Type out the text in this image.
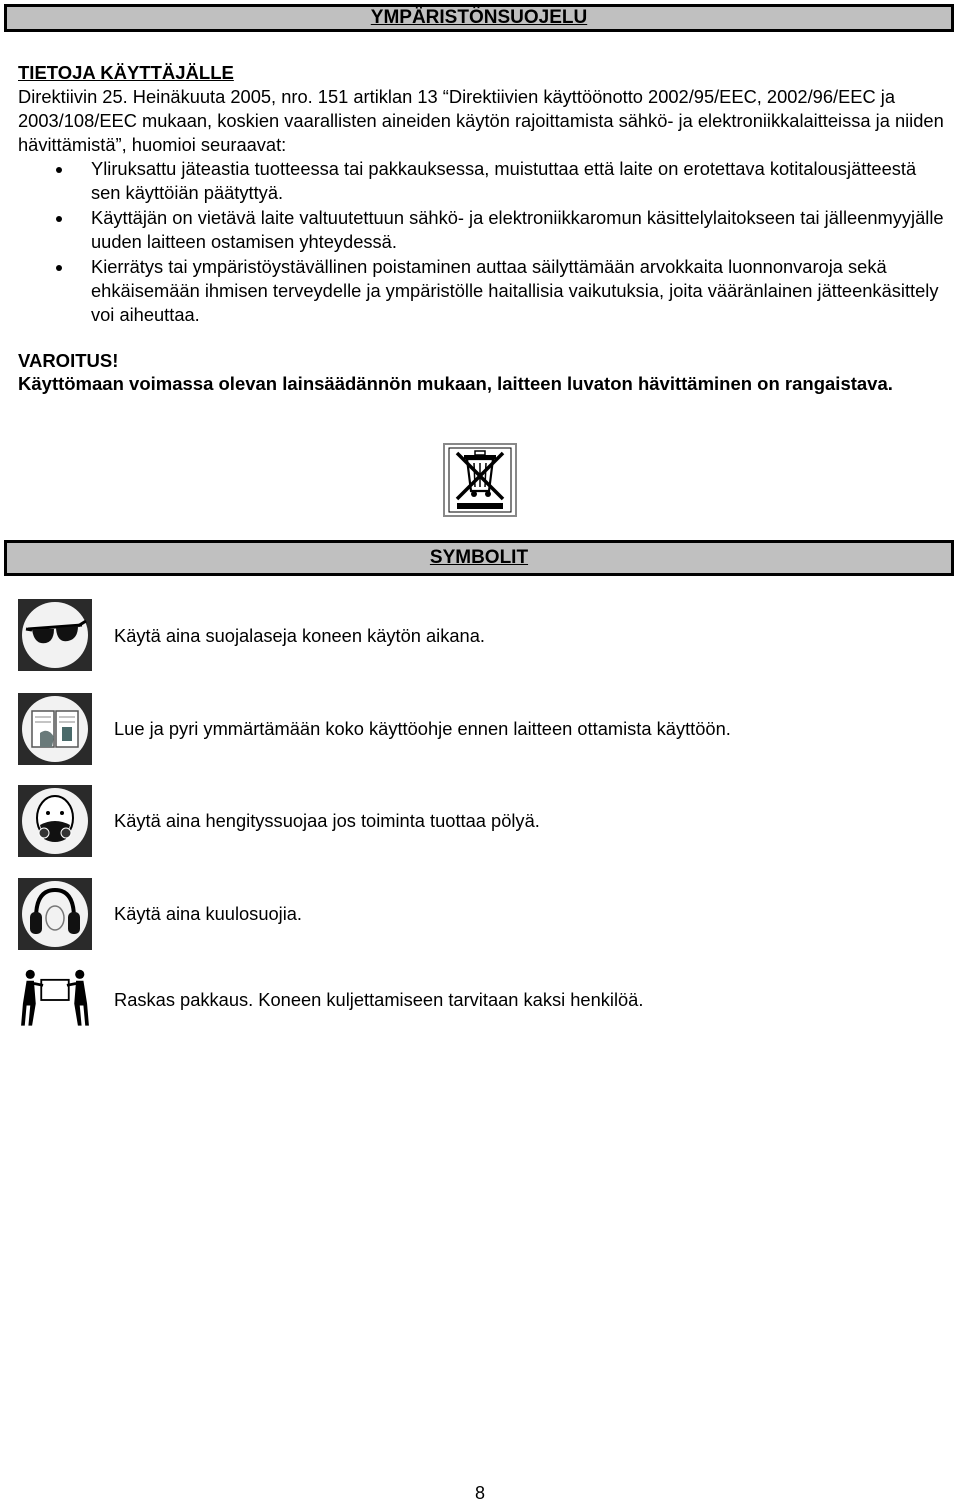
YMPÄRISTÖNSUOJELU
TIETOJA KÄYTTÄJÄLLE
Direktiivin 25. Heinäkuuta 2005, nro. 151 artiklan 13 “Direktiivien käyttöönotto 2002/95/EEC, 2002/96/EEC ja 2003/108/EEC mukaan, koskien vaarallisten aineiden käytön rajoittamista sähkö- ja elektroniikkalaitteissa ja niiden hävittämistä”, huomioi seuraavat:
Yliruksattu jäteastia tuotteessa tai pakkauksessa, muistuttaa että laite on erotettava kotitalousjätteestä sen käyttöiän päätyttyä.
Käyttäjän on vietävä laite valtuutettuun sähkö- ja elektroniikkaromun käsittelylaitokseen tai jälleenmyyjälle uuden laitteen ostamisen yhteydessä.
Kierrätys tai ympäristöystävällinen poistaminen auttaa säilyttämään arvokkaita luonnonvaroja sekä ehkäisemään ihmisen terveydelle ja ympäristölle haitallisia vaikutuksia, joita vääränlainen jätteenkäsittely voi aiheuttaa.
VAROITUS!
Käyttömaan voimassa olevan lainsäädännön mukaan, laitteen luvaton hävittäminen on rangaistava.
SYMBOLIT
Käytä aina suojalaseja koneen käytön aikana.
Lue ja pyri ymmärtämään koko käyttöohje ennen laitteen ottamista käyttöön.
Käytä aina hengityssuojaa jos toiminta tuottaa pölyä.
Käytä aina kuulosuojia.
Raskas pakkaus. Koneen kuljettamiseen tarvitaan kaksi henkilöä.
8
